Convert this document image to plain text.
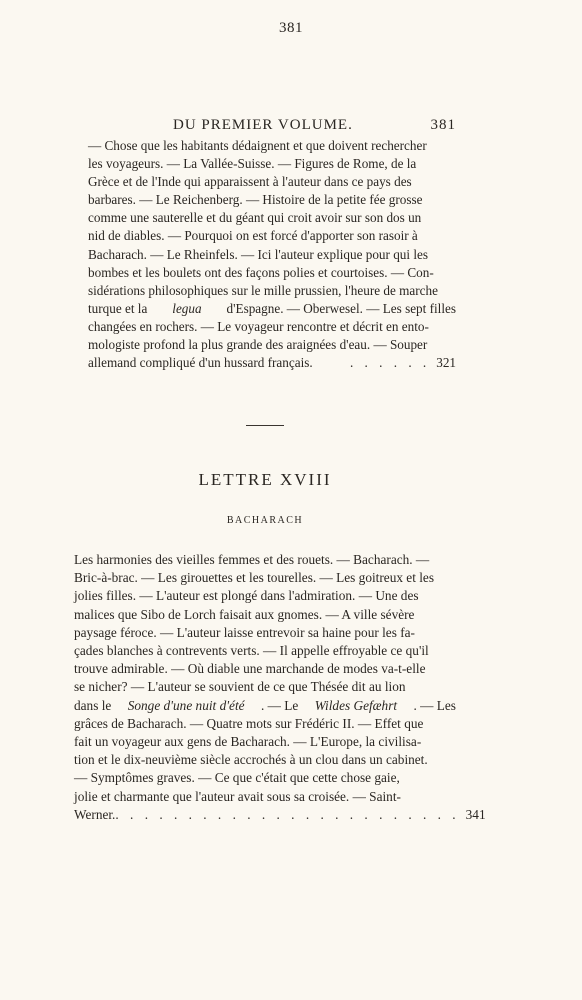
381
DU PREMIER VOLUME.	381
— Chose que les habitants dédaignent et que doivent rechercher
les voyageurs. — La Vallée-Suisse. — Figures de Rome, de la
Grèce et de l'Inde qui apparaissent à l'auteur dans ce pays des
barbares. — Le Reichenberg. — Histoire de la petite fée grosse
comme une sauterelle et du géant qui croit avoir sur son dos un
nid de diables. — Pourquoi on est forcé d'apporter son rasoir à
Bacharach. — Le Rheinfels. — Ici l'auteur explique pour qui les
bombes et les boulets ont des façons polies et courtoises. — Con-
sidérations philosophiques sur le mille prussien, l'heure de marche
turque et la legua d'Espagne. — Oberwesel. — Les sept filles
changées en rochers. — Le voyageur rencontre et décrit en ento-
mologiste profond la plus grande des araignées d'eau. — Souper
allemand compliqué d'un hussard français.	. . . . . . 321
LETTRE XVIII
BACHARACH
Les harmonies des vieilles femmes et des rouets. — Bacharach. —
Bric-à-brac. — Les girouettes et les tourelles. — Les goitreux et les
jolies filles. — L'auteur est plongé dans l'admiration. — Une des
malices que Sibo de Lorch faisait aux gnomes. — A ville sévère
paysage féroce. — L'auteur laisse entrevoir sa haine pour les fa-
çades blanches à contrevents verts. — Il appelle effroyable ce qu'il
trouve admirable. — Où diable une marchande de modes va-t-elle
se nicher? — L'auteur se souvient de ce que Thésée dit au lion
dans le Songe d'une nuit d'été . — Le Wildes Gefæhrt . — Les
grâces de Bacharach. — Quatre mots sur Frédéric II. — Effet que
fait un voyageur aux gens de Bacharach. — L'Europe, la civilisa-
tion et le dix-neuvième siècle accrochés à un clou dans un cabinet.
— Symptômes graves. — Ce que c'était que cette chose gaie,
jolie et charmante que l'auteur avait sous sa croisée. — Saint-
Werner. . . . . . . . . . . . . . . . . . . . . . . . . 341
